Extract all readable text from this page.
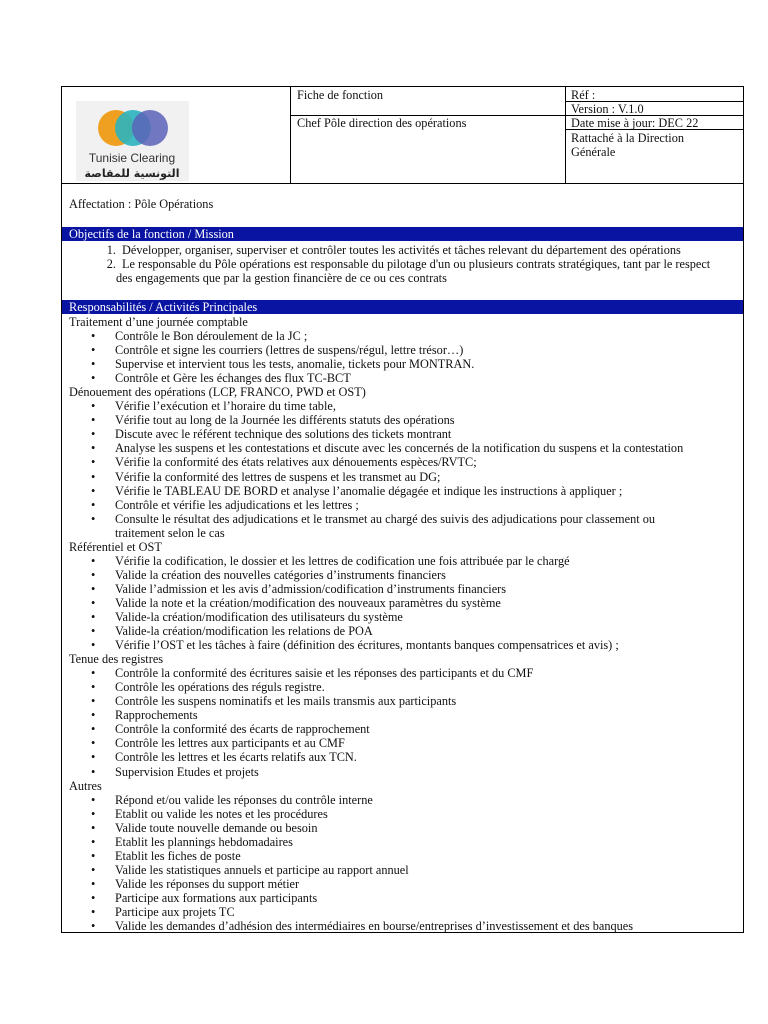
Tunisie Clearing
التونسية للمقاصة
Fiche de fonction	Réf :
Version : V.1.0
Chef Pôle direction des opérations	Date mise à jour: DEC 22
Rattaché à la Direction
Générale
Affectation : Pôle Opérations
Objectifs de la fonction / Mission
1. Développer, organiser, superviser et contrôler toutes les activités et tâches relevant du département des opérations
2. Le responsable du Pôle opérations est responsable du pilotage d'un ou plusieurs contrats stratégiques, tant par le respect
des engagements que par la gestion financière de ce ou ces contrats
Responsabilités / Activités Principales
Traitement d’une journée comptable
• Contrôle le Bon déroulement de la JC ;
• Contrôle et signe les courriers (lettres de suspens/régul, lettre trésor…)
• Supervise et intervient tous les tests, anomalie, tickets pour MONTRAN.
• Contrôle et Gère les échanges des flux TC-BCT
Dénouement des opérations (LCP, FRANCO, PWD et OST)
• Vérifie l’exécution et l’horaire du time table,
• Vérifie tout au long de la Journée les différents statuts des opérations
• Discute avec le référent technique des solutions des tickets montrant
• Analyse les suspens et les contestations et discute avec les concernés de la notification du suspens et la contestation
• Vérifie la conformité des états relatives aux dénouements espèces/RVTC;
• Vérifie la conformité des lettres de suspens et les transmet au DG;
• Vérifie le TABLEAU DE BORD et analyse l’anomalie dégagée et indique les instructions à appliquer ;
• Contrôle et vérifie les adjudications et les lettres ;
• Consulte le résultat des adjudications et le transmet au chargé des suivis des adjudications pour classement ou
traitement selon le cas
Référentiel et OST
• Vérifie la codification, le dossier et les lettres de codification une fois attribuée par le chargé
• Valide la création des nouvelles catégories d’instruments financiers
• Valide l’admission et les avis d’admission/codification d’instruments financiers
• Valide la note et la création/modification des nouveaux paramètres du système
• Valide-la création/modification des utilisateurs du système
• Valide-la création/modification les relations de POA
• Vérifie l’OST et les tâches à faire (définition des écritures, montants banques compensatrices et avis) ;
Tenue des registres
• Contrôle la conformité des écritures saisie et les réponses des participants et du CMF
• Contrôle les opérations des réguls registre.
• Contrôle les suspens nominatifs et les mails transmis aux participants
• Rapprochements
• Contrôle la conformité des écarts de rapprochement
• Contrôle les lettres aux participants et au CMF
• Contrôle les lettres et les écarts relatifs aux TCN.
• Supervision Etudes et projets
Autres
• Répond et/ou valide les réponses du contrôle interne
• Etablit ou valide les notes et les procédures
• Valide toute nouvelle demande ou besoin
• Etablit les plannings hebdomadaires
• Etablit les fiches de poste
• Valide les statistiques annuels et participe au rapport annuel
• Valide les réponses du support métier
• Participe aux formations aux participants
• Participe aux projets TC
• Valide les demandes d’adhésion des intermédiaires en bourse/entreprises d’investissement et des banques
